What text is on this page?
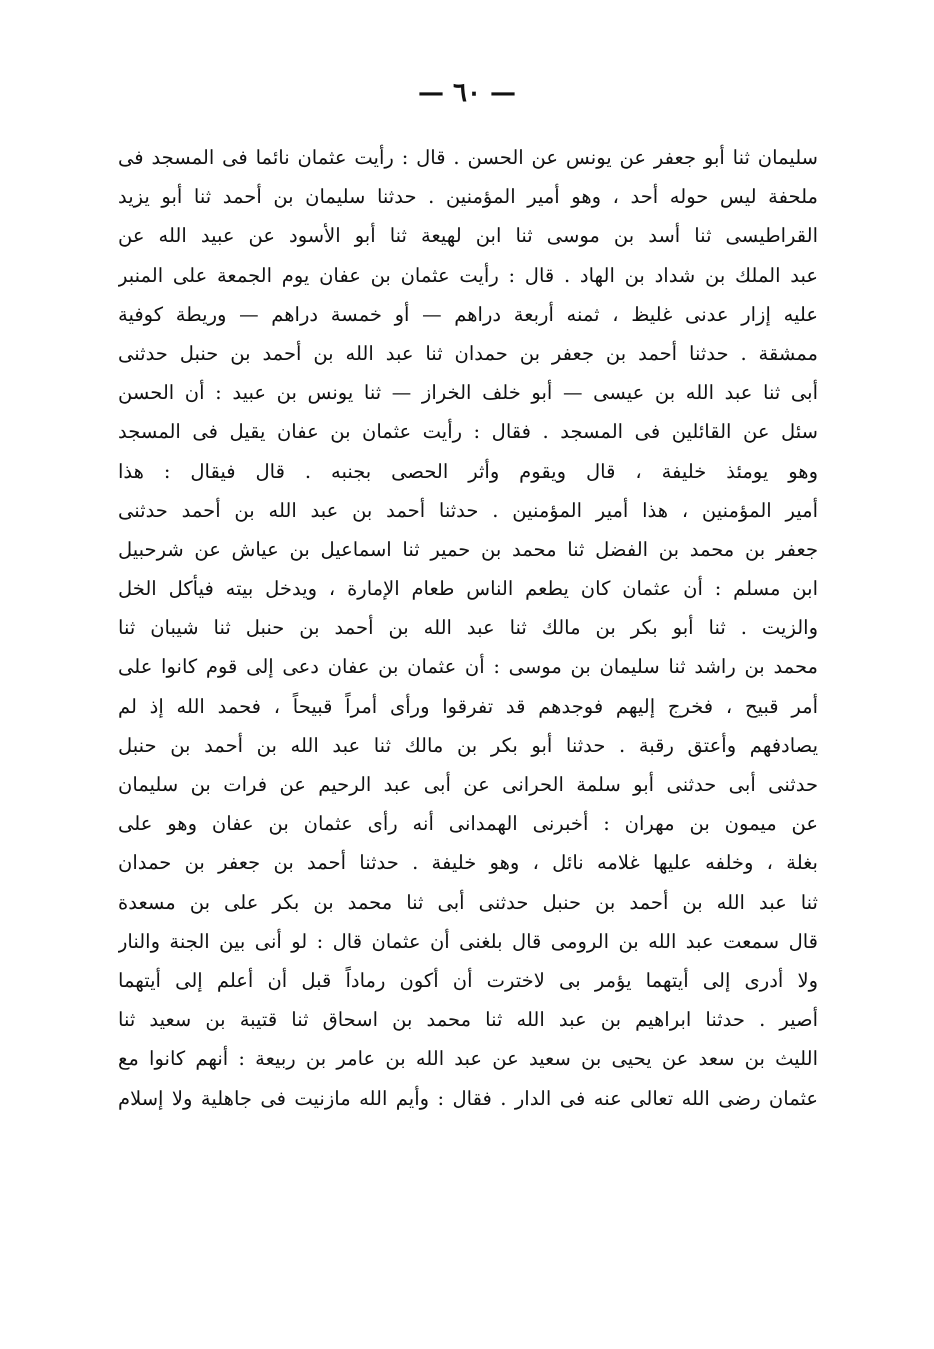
— ٦٠ —
سليمان ثنا أبو جعفر عن يونس عن الحسن . قال : رأيت عثمان نائما فى المسجد فى
ملحفة ليس حوله أحد ، وهو أمير المؤمنين . حدثنا سليمان بن أحمد ثنا أبو يزيد
القراطيسى ثنا أسد بن موسى ثنا ابن لهيعة ثنا أبو الأسود عن عبيد الله عن
عبد الملك بن شداد بن الهاد . قال : رأيت عثمان بن عفان يوم الجمعة على المنبر
عليه إزار عدنى غليظ ، ثمنه أربعة دراهم — أو خمسة دراهم — وريطة كوفية
ممشقة . حدثنا أحمد بن جعفر بن حمدان ثنا عبد الله بن أحمد بن حنبل حدثنى
أبى ثنا عبد الله بن عيسى — أبو خلف الخراز — ثنا يونس بن عبيد : أن الحسن
سئل عن القائلين فى المسجد . فقال : رأيت عثمان بن عفان يقيل فى المسجد
وهو يومئذ خليفة ، قال ويقوم وأثر الحصى بجنبه . قال فيقال : هذا
أمير المؤمنين ، هذا أمير المؤمنين . حدثنا أحمد بن عبد الله بن أحمد حدثنى
جعفر بن محمد بن الفضل ثنا محمد بن حمير ثنا اسماعيل بن عياش عن شرحبيل
ابن مسلم : أن عثمان كان يطعم الناس طعام الإمارة ، ويدخل بيته فيأكل الخل
والزيت . ثنا أبو بكر بن مالك ثنا عبد الله بن أحمد بن حنبل ثنا شيبان ثنا
محمد بن راشد ثنا سليمان بن موسى : أن عثمان بن عفان دعى إلى قوم كانوا على
أمر قبيح ، فخرج إليهم فوجدهم قد تفرقوا ورأى أمراً قبيحاً ، فحمد الله إذ لم
يصادفهم وأعتق رقبة . حدثنا أبو بكر بن مالك ثنا عبد الله بن أحمد بن حنبل
حدثنى أبى حدثنى أبو سلمة الحرانى عن أبى عبد الرحيم عن فرات بن سليمان
عن ميمون بن مهران : أخبرنى الهمدانى أنه رأى عثمان بن عفان وهو على
بغلة ، وخلفه عليها غلامه نائل ، وهو خليفة . حدثنا أحمد بن جعفر بن حمدان
ثنا عبد الله بن أحمد بن حنبل حدثنى أبى ثنا محمد بن بكر على بن مسعدة
قال سمعت عبد الله بن الرومى قال بلغنى أن عثمان قال : لو أنى بين الجنة والنار
ولا أدرى إلى أيتهما يؤمر بى لاخترت أن أكون رماداً قبل أن أعلم إلى أيتهما
أصير . حدثنا ابراهيم بن عبد الله ثنا محمد بن اسحاق ثنا قتيبة بن سعيد ثنا
الليث بن سعد عن يحيى بن سعيد عن عبد الله بن عامر بن ربيعة : أنهم كانوا مع
عثمان رضى الله تعالى عنه فى الدار . فقال : وأيم الله مازنيت فى جاهلية ولا إسلام
